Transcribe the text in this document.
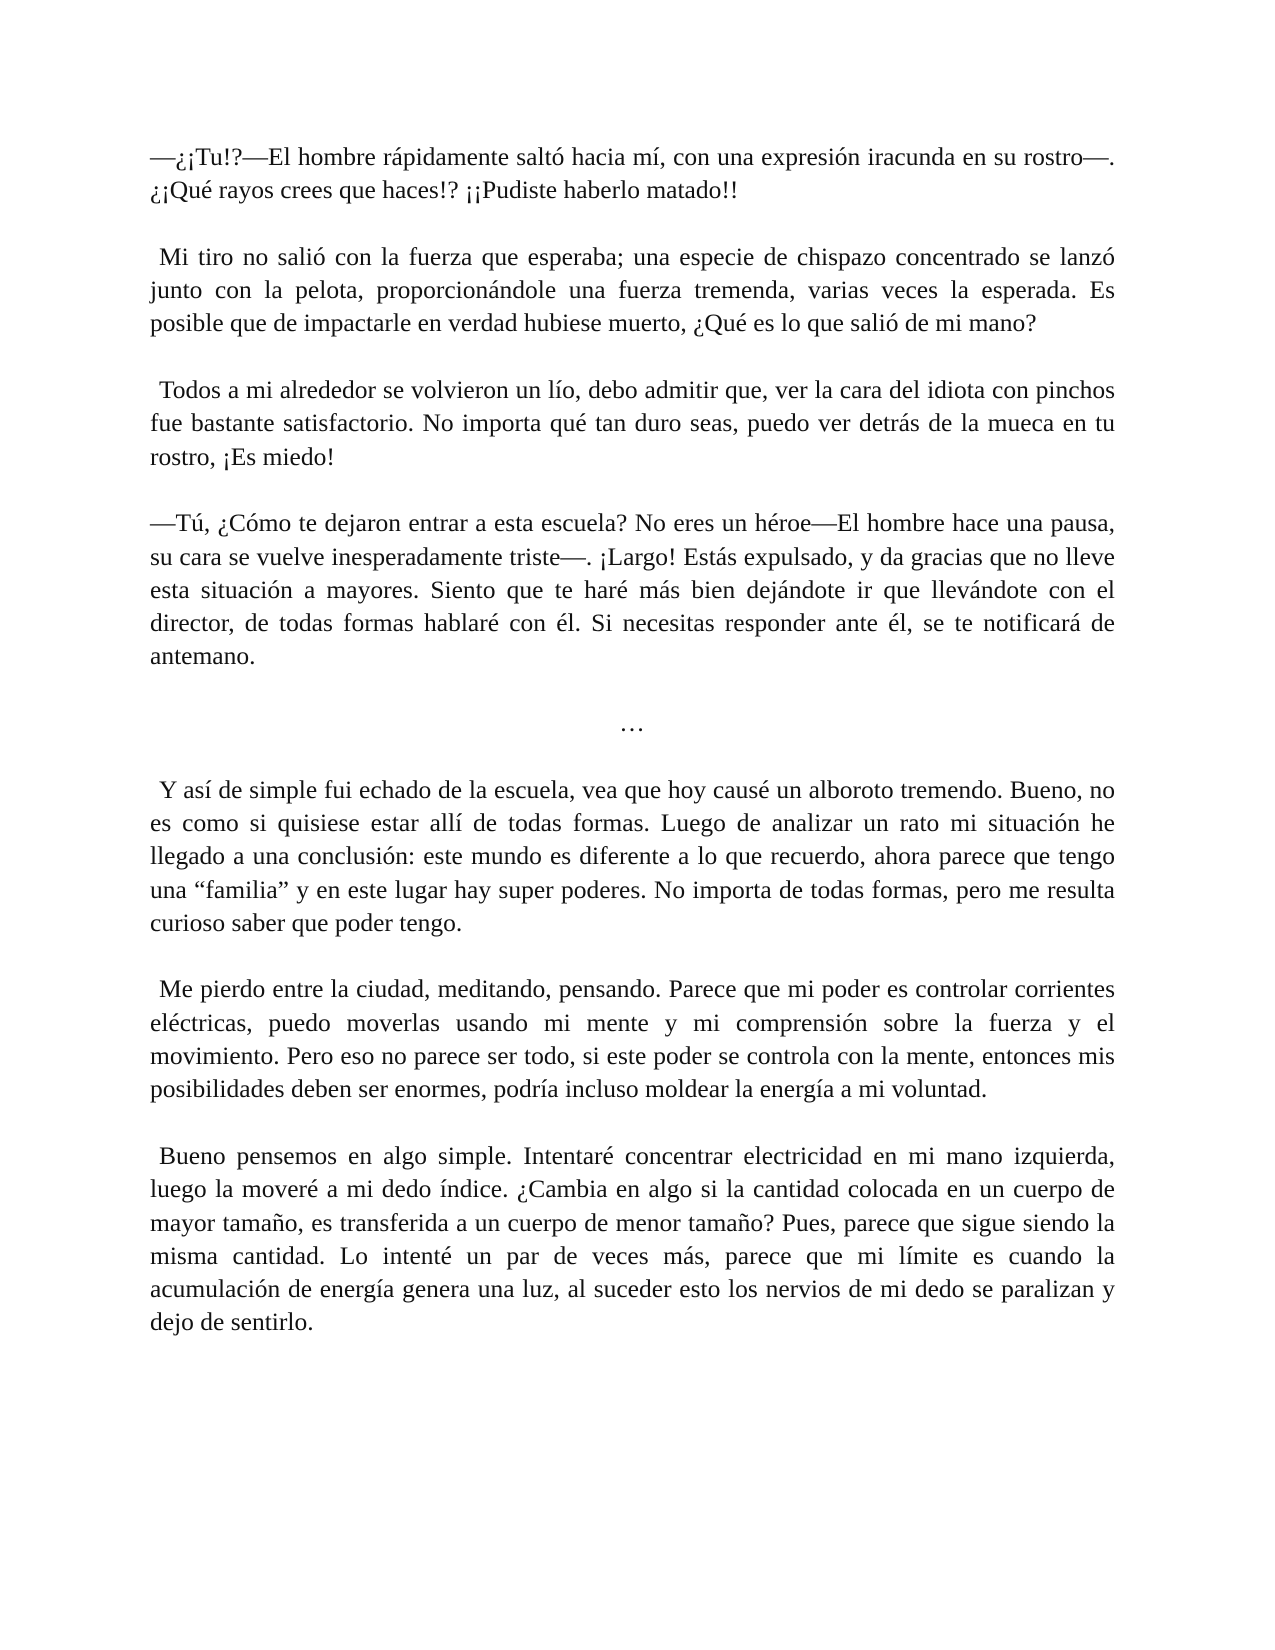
—¿¡Tu!?—El hombre rápidamente saltó hacia mí, con una expresión iracunda en su rostro—. ¿¡Qué rayos crees que haces!? ¡¡Pudiste haberlo matado!!

Mi tiro no salió con la fuerza que esperaba; una especie de chispazo concentrado se lanzó junto con la pelota, proporcionándole una fuerza tremenda, varias veces la esperada. Es posible que de impactarle en verdad hubiese muerto, ¿Qué es lo que salió de mi mano?

Todos a mi alrededor se volvieron un lío, debo admitir que, ver la cara del idiota con pinchos fue bastante satisfactorio. No importa qué tan duro seas, puedo ver detrás de la mueca en tu rostro, ¡Es miedo!

—Tú, ¿Cómo te dejaron entrar a esta escuela? No eres un héroe—El hombre hace una pausa, su cara se vuelve inesperadamente triste—. ¡Largo! Estás expulsado, y da gracias que no lleve esta situación a mayores. Siento que te haré más bien dejándote ir que llevándote con el director, de todas formas hablaré con él. Si necesitas responder ante él, se te notificará de antemano.

…

Y así de simple fui echado de la escuela, vea que hoy causé un alboroto tremendo. Bueno, no es como si quisiese estar allí de todas formas. Luego de analizar un rato mi situación he llegado a una conclusión: este mundo es diferente a lo que recuerdo, ahora parece que tengo una “familia” y en este lugar hay super poderes. No importa de todas formas, pero me resulta curioso saber que poder tengo.

Me pierdo entre la ciudad, meditando, pensando. Parece que mi poder es controlar corrientes eléctricas, puedo moverlas usando mi mente y mi comprensión sobre la fuerza y el movimiento. Pero eso no parece ser todo, si este poder se controla con la mente, entonces mis posibilidades deben ser enormes, podría incluso moldear la energía a mi voluntad.

Bueno pensemos en algo simple. Intentaré concentrar electricidad en mi mano izquierda, luego la moveré a mi dedo índice. ¿Cambia en algo si la cantidad colocada en un cuerpo de mayor tamaño, es transferida a un cuerpo de menor tamaño? Pues, parece que sigue siendo la misma cantidad. Lo intenté un par de veces más, parece que mi límite es cuando la acumulación de energía genera una luz, al suceder esto los nervios de mi dedo se paralizan y dejo de sentirlo.
